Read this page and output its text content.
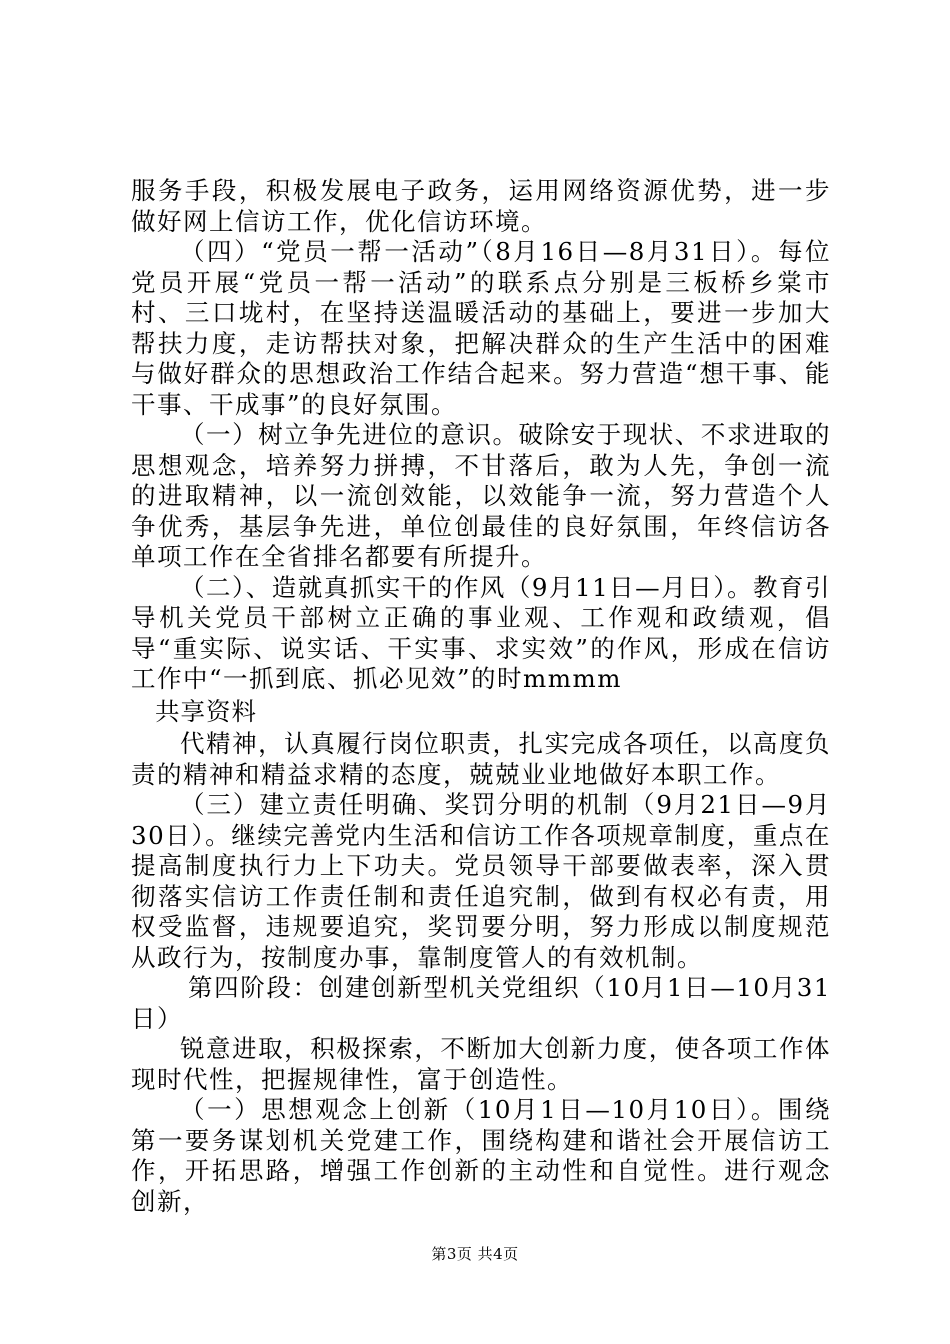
服务手段，积极发展电子政务，运用网络资源优势，进一步做好网上信访工作，优化信访环境。

（四）“党员一帮一活动”（8月16日—8月31日）。每位党员开展“党员一帮一活动”的联系点分别是三板桥乡棠市村、三口垅村，在坚持送温暖活动的基础上，要进一步加大帮扶力度，走访帮扶对象，把解决群众的生产生活中的困难与做好群众的思想政治工作结合起来。努力营造“想干事、能干事、干成事”的良好氛围。

（一）树立争先进位的意识。破除安于现状、不求进取的思想观念，培养努力拼搏，不甘落后，敢为人先，争创一流的进取精神，以一流创效能，以效能争一流，努力营造个人争优秀，基层争先进，单位创最佳的良好氛围，年终信访各单项工作在全省排名都要有所提升。

（二）、造就真抓实干的作风（9月11日—月日）。教育引导机关党员干部树立正确的事业观、工作观和政绩观，倡导“重实际、说实话、干实事、求实效”的作风，形成在信访工作中“一抓到底、抓必见效”的时mmmm

共享资料

代精神，认真履行岗位职责，扎实完成各项任，以高度负责的精神和精益求精的态度，兢兢业业地做好本职工作。

（三）建立责任明确、奖罚分明的机制（9月21日—9月30日）。继续完善党内生活和信访工作各项规章制度，重点在提高制度执行力上下功夫。党员领导干部要做表率，深入贯彻落实信访工作责任制和责任追究制，做到有权必有责，用权受监督，违规要追究，奖罚要分明，努力形成以制度规范从政行为，按制度办事，靠制度管人的有效机制。

第四阶段：创建创新型机关党组织（10月1日—10月31日）

锐意进取，积极探索，不断加大创新力度，使各项工作体现时代性，把握规律性，富于创造性。

（一）思想观念上创新（10月1日—10月10日）。围绕第一要务谋划机关党建工作，围绕构建和谐社会开展信访工作，开拓思路，增强工作创新的主动性和自觉性。进行观念创新，

第3页 共4页
